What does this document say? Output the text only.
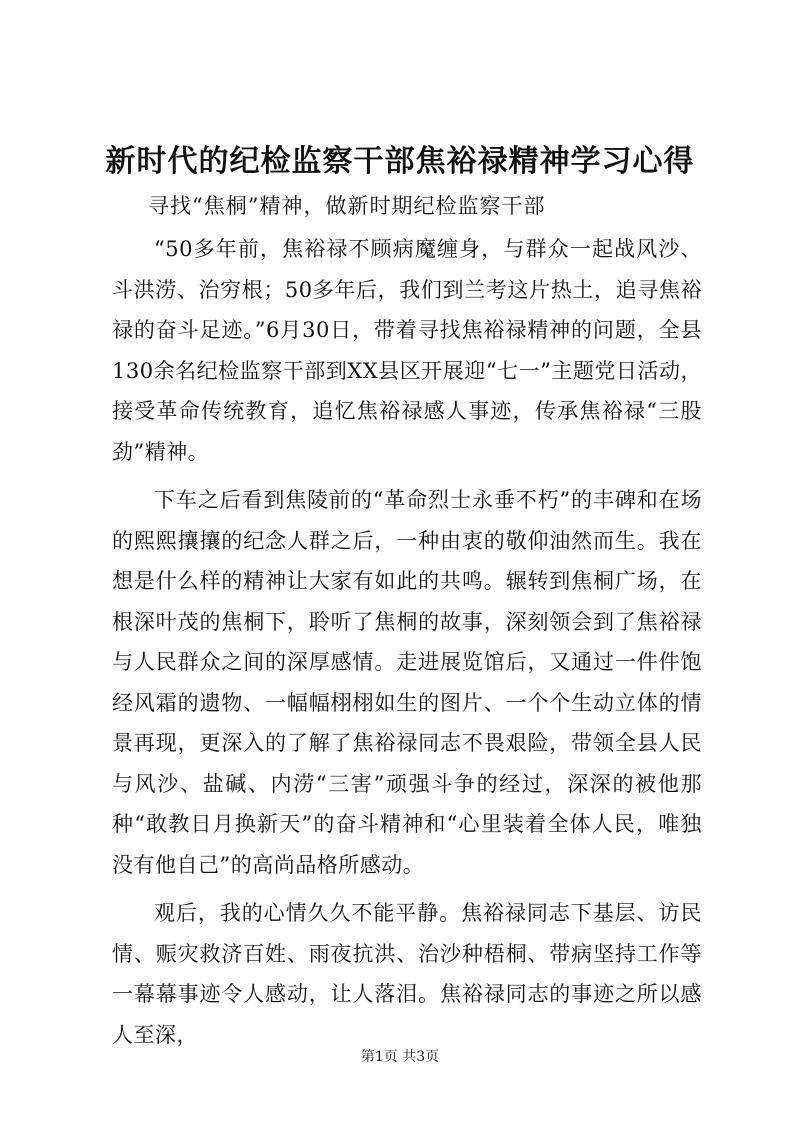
新时代的纪检监察干部焦裕禄精神学习心得

寻找“焦桐”精神，做新时期纪检监察干部

“50多年前，焦裕禄不顾病魔缠身，与群众一起战风沙、斗洪涝、治穷根；50多年后，我们到兰考这片热土，追寻焦裕禄的奋斗足迹。”6月30日，带着寻找焦裕禄精神的问题，全县130余名纪检监察干部到XX县区开展迎“七一”主题党日活动，接受革命传统教育，追忆焦裕禄感人事迹，传承焦裕禄“三股劲”精神。

下车之后看到焦陵前的“革命烈士永垂不朽”的丰碑和在场的熙熙攘攘的纪念人群之后，一种由衷的敬仰油然而生。我在想是什么样的精神让大家有如此的共鸣。辗转到焦桐广场，在根深叶茂的焦桐下，聆听了焦桐的故事，深刻领会到了焦裕禄与人民群众之间的深厚感情。走进展览馆后，又通过一件件饱经风霜的遗物、一幅幅栩栩如生的图片、一个个生动立体的情景再现，更深入的了解了焦裕禄同志不畏艰险，带领全县人民与风沙、盐碱、内涝“三害”顽强斗争的经过，深深的被他那种“敢教日月换新天”的奋斗精神和“心里装着全体人民，唯独没有他自己”的高尚品格所感动。

观后，我的心情久久不能平静。焦裕禄同志下基层、访民情、赈灾救济百姓、雨夜抗洪、治沙种梧桐、带病坚持工作等一幕幕事迹令人感动，让人落泪。焦裕禄同志的事迹之所以感人至深，

第1页 共3页
